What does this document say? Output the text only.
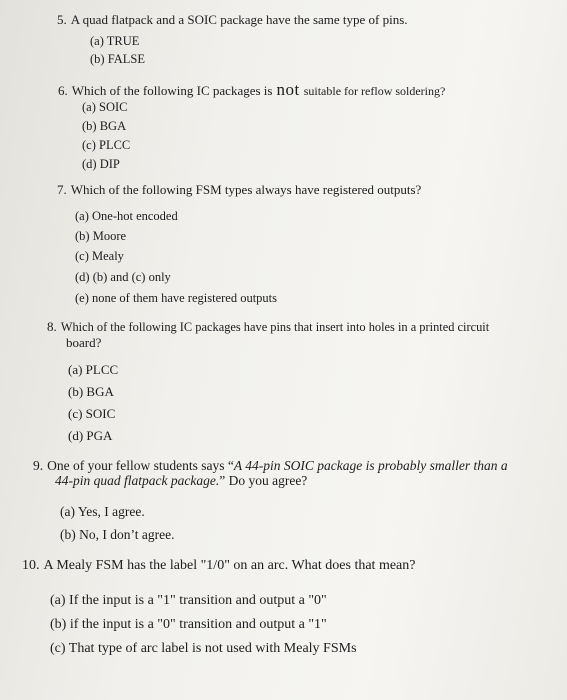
5. A quad flatpack and a SOIC package have the same type of pins.
(a) TRUE
(b) FALSE
6. Which of the following IC packages is not suitable for reflow soldering?
(a) SOIC
(b) BGA
(c) PLCC
(d) DIP
7. Which of the following FSM types always have registered outputs?
(a) One-hot encoded
(b) Moore
(c) Mealy
(d) (b) and (c) only
(e) none of them have registered outputs
8. Which of the following IC packages have pins that insert into holes in a printed circuit
board?
(a) PLCC
(b) BGA
(c) SOIC
(d) PGA
9. One of your fellow students says “A 44-pin SOIC package is probably smaller than a
44-pin quad flatpack package.” Do you agree?
(a) Yes, I agree.
(b) No, I don’t agree.
10. A Mealy FSM has the label "1/0" on an arc. What does that mean?
(a) If the input is a "1" transition and output a "0"
(b) if the input is a "0" transition and output a "1"
(c) That type of arc label is not used with Mealy FSMs
